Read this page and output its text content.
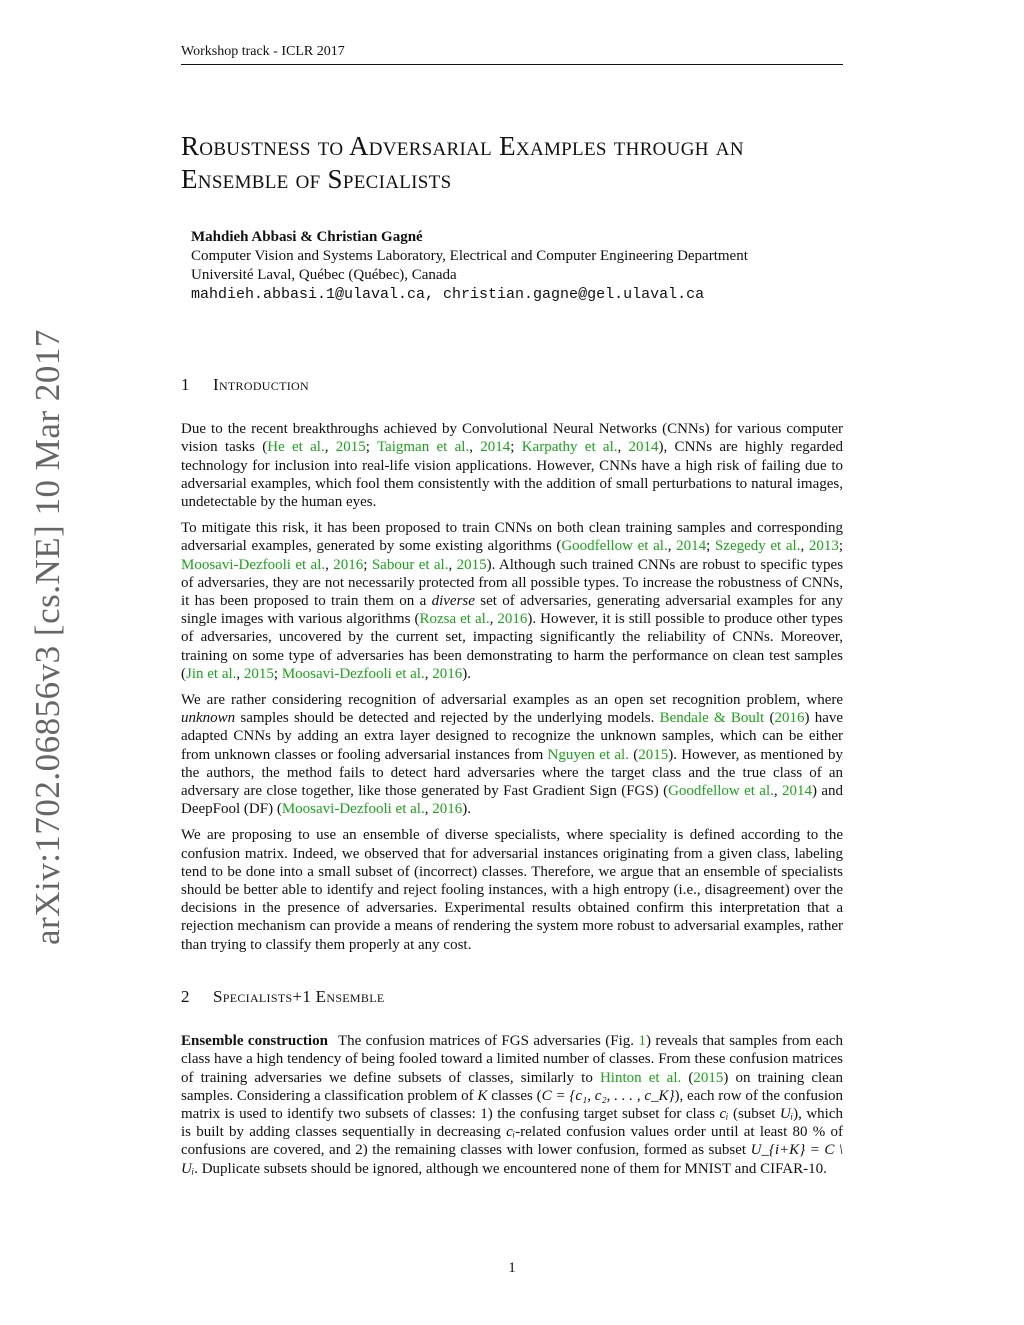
Workshop track - ICLR 2017
arXiv:1702.06856v3 [cs.NE] 10 Mar 2017
Robustness to Adversarial Examples through an Ensemble of Specialists
Mahdieh Abbasi & Christian Gagné
Computer Vision and Systems Laboratory, Electrical and Computer Engineering Department
Université Laval, Québec (Québec), Canada
mahdieh.abbasi.1@ulaval.ca, christian.gagne@gel.ulaval.ca
1 Introduction

Due to the recent breakthroughs achieved by Convolutional Neural Networks (CNNs) for various computer vision tasks (He et al., 2015; Taigman et al., 2014; Karpathy et al., 2014), CNNs are highly regarded technology for inclusion into real-life vision applications. However, CNNs have a high risk of failing due to adversarial examples, which fool them consistently with the addition of small perturbations to natural images, undetectable by the human eyes.

To mitigate this risk, it has been proposed to train CNNs on both clean training samples and corresponding adversarial examples, generated by some existing algorithms (Goodfellow et al., 2014; Szegedy et al., 2013; Moosavi-Dezfooli et al., 2016; Sabour et al., 2015). Although such trained CNNs are robust to specific types of adversaries, they are not necessarily protected from all possible types. To increase the robustness of CNNs, it has been proposed to train them on a diverse set of adversaries, generating adversarial examples for any single images with various algorithms (Rozsa et al., 2016). However, it is still possible to produce other types of adversaries, uncovered by the current set, impacting significantly the reliability of CNNs. Moreover, training on some type of adversaries has been demonstrating to harm the performance on clean test samples (Jin et al., 2015; Moosavi-Dezfooli et al., 2016).

We are rather considering recognition of adversarial examples as an open set recognition problem, where unknown samples should be detected and rejected by the underlying models. Bendale & Boult (2016) have adapted CNNs by adding an extra layer designed to recognize the unknown samples, which can be either from unknown classes or fooling adversarial instances from Nguyen et al. (2015). However, as mentioned by the authors, the method fails to detect hard adversaries where the target class and the true class of an adversary are close together, like those generated by Fast Gradient Sign (FGS) (Goodfellow et al., 2014) and DeepFool (DF) (Moosavi-Dezfooli et al., 2016).

We are proposing to use an ensemble of diverse specialists, where speciality is defined according to the confusion matrix. Indeed, we observed that for adversarial instances originating from a given class, labeling tend to be done into a small subset of (incorrect) classes. Therefore, we argue that an ensemble of specialists should be better able to identify and reject fooling instances, with a high entropy (i.e., disagreement) over the decisions in the presence of adversaries. Experimental results obtained confirm this interpretation that a rejection mechanism can provide a means of rendering the system more robust to adversarial examples, rather than trying to classify them properly at any cost.

2 Specialists+1 Ensemble

Ensemble construction The confusion matrices of FGS adversaries (Fig. 1) reveals that samples from each class have a high tendency of being fooled toward a limited number of classes. From these confusion matrices of training adversaries we define subsets of classes, similarly to Hinton et al. (2015) on training clean samples. Considering a classification problem of K classes (C = {c₁, c₂, . . . , c_K}), each row of the confusion matrix is used to identify two subsets of classes: 1) the confusing target subset for class cᵢ (subset Uᵢ), which is built by adding classes sequentially in decreasing cᵢ-related confusion values order until at least 80 % of confusions are covered, and 2) the remaining classes with lower confusion, formed as subset U_{i+K} = C \ Uᵢ. Duplicate subsets should be ignored, although we encountered none of them for MNIST and CIFAR-10.

1
